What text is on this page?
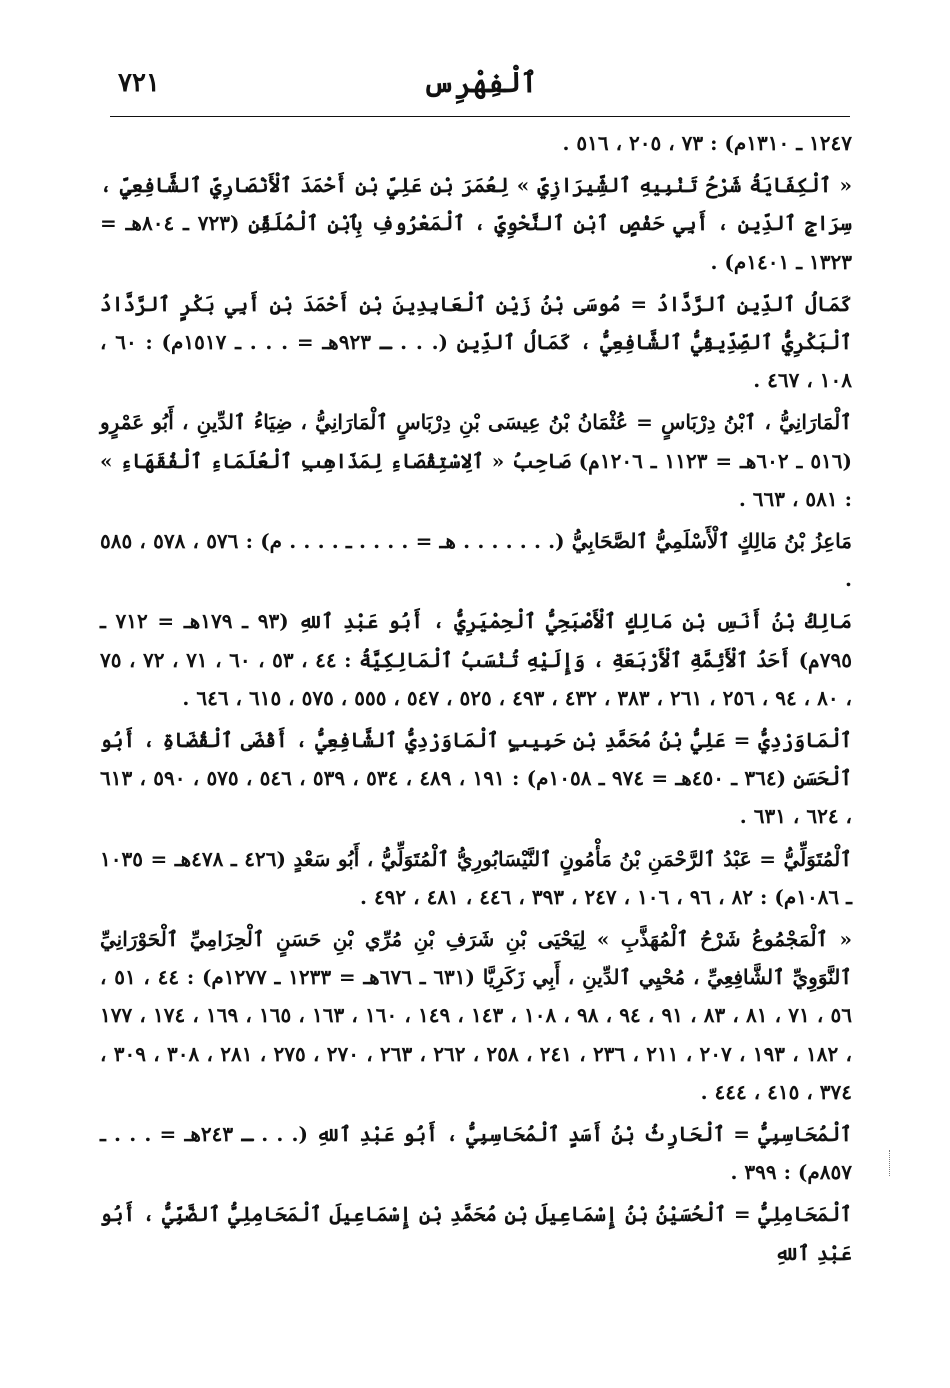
٧٢١	ٱلْفِهْرِس

١٢٤٧ ـ ١٣١٠م) : ٧٣ ، ٢٠٥ ، ٥١٦ .

« ٱلْكِفَايَةُ شَرْحُ تَنْبِيهِ ٱلشِّيرَازِيِّ » لِعُمَرَ بْنِ عَلِيِّ بْنِ أَحْمَدَ ٱلْأَنْصَارِيِّ ٱلشَّافِعِيِّ ، سِرَاجِ ٱلدِّينِ ، أَبِي حَفْصٍ ٱبْنِ ٱلنَّحْوِيِّ ، ٱلْمَعْرُوفِ بِٱبْنِ ٱلْمُلَقِّنِ (٧٢٣ ـ ٨٠٤هـ = ١٣٢٣ ـ ١٤٠١م) .

كَمَالُ ٱلدِّينِ ٱلرَّدَّادُ = مُوسَى بْنُ زَيْنِ ٱلْعَابِدِينَ بْنِ أَحْمَدَ بْنِ أَبِي بَكْرٍ ٱلرَّدَّادُ ٱلْبَكْرِيُّ ٱلصِّدِّيقِيُّ ٱلشَّافِعِيُّ ، كَمَالُ ٱلدِّينِ (. . . ـ ٩٢٣هـ = . . . ـ ١٥١٧م) : ٦٠ ، ١٠٨ ، ٤٦٧ .

ٱلْمَارَانِيُّ ، ٱبْنُ دِرْبَاسٍ = عُثْمَانُ بْنُ عِيسَى بْنِ دِرْبَاسٍ ٱلْمَارَانِيُّ ، ضِيَاءُ ٱلدِّينِ ، أَبُو عَمْرٍو (٥١٦ ـ ٦٠٢هـ = ١١٢٣ ـ ١٢٠٦م) صَاحِبُ « ٱلِاسْتِقْصَاءِ لِمَذَاهِبِ ٱلْعُلَمَاءِ ٱلْفُقَهَاءِ » : ٥٨١ ، ٦٦٣ .

مَاعِزُ بْنُ مَالِكٍ ٱلْأَسْلَمِيُّ ٱلصَّحَابِيُّ (. . . . . . . هـ = . . . . ـ . . . . م) : ٥٧٦ ، ٥٧٨ ، ٥٨٥ .

مَالِكُ بْنُ أَنَسِ بْنِ مَالِكٍ ٱلْأَصْبَحِيُّ ٱلْحِمْيَرِيُّ ، أَبُو عَبْدِ ٱللهِ (٩٣ ـ ١٧٩هـ = ٧١٢ ـ ٧٩٥م) أَحَدُ ٱلْأَئِمَّةِ ٱلْأَرْبَعَةِ ، وَإِلَيْهِ تُنْسَبُ ٱلْمَالِكِيَّةُ : ٤٤ ، ٥٣ ، ٦٠ ، ٧١ ، ٧٢ ، ٧٥ ، ٨٠ ، ٩٤ ، ٢٥٦ ، ٢٦١ ، ٣٨٣ ، ٤٣٢ ، ٤٩٣ ، ٥٢٥ ، ٥٤٧ ، ٥٥٥ ، ٥٧٥ ، ٦١٥ ، ٦٤٦ .

ٱلْمَاوَرْدِيُّ = عَلِيُّ بْنُ مُحَمَّدِ بْنِ حَبِيبٍ ٱلْمَاوَرْدِيُّ ٱلشَّافِعِيُّ ، أَقْضَى ٱلْقُضَاةِ ، أَبُو ٱلْحَسَنِ (٣٦٤ ـ ٤٥٠هـ = ٩٧٤ ـ ١٠٥٨م) : ١٩١ ، ٤٨٩ ، ٥٣٤ ، ٥٣٩ ، ٥٤٦ ، ٥٧٥ ، ٥٩٠ ، ٦١٣ ، ٦٢٤ ، ٦٣١ .

ٱلْمُتَوَلِّيُّ = عَبْدُ ٱلرَّحْمَنِ بْنُ مَأْمُونٍ ٱلنَّيْسَابُورِيُّ ٱلْمُتَوَلِّيُّ ، أَبُو سَعْدٍ (٤٢٦ ـ ٤٧٨هـ = ١٠٣٥ ـ ١٠٨٦م) : ٨٢ ، ٩٦ ، ١٠٦ ، ٢٤٧ ، ٣٩٣ ، ٤٤٦ ، ٤٨١ ، ٤٩٢ .

« ٱلْمَجْمُوعُ شَرْحُ ٱلْمُهَذَّبِ » لِيَحْيَى بْنِ شَرَفِ بْنِ مُرِّي بْنِ حَسَنٍ ٱلْحِزَامِيِّ ٱلْحَوْرَانِيِّ ٱلنَّوَوِيِّ ٱلشَّافِعِيِّ ، مُحْيِي ٱلدِّينِ ، أَبِي زَكَرِيَّا (٦٣١ ـ ٦٧٦هـ = ١٢٣٣ ـ ١٢٧٧م) : ٤٤ ، ٥١ ، ٥٦ ، ٧١ ، ٨١ ، ٨٣ ، ٩١ ، ٩٤ ، ٩٨ ، ١٠٨ ، ١٤٣ ، ١٤٩ ، ١٦٠ ، ١٦٣ ، ١٦٥ ، ١٦٩ ، ١٧٤ ، ١٧٧ ، ١٨٢ ، ١٩٣ ، ٢٠٧ ، ٢١١ ، ٢٣٦ ، ٢٤١ ، ٢٥٨ ، ٢٦٢ ، ٢٦٣ ، ٢٧٠ ، ٢٧٥ ، ٢٨١ ، ٣٠٨ ، ٣٠٩ ، ٣٧٤ ، ٤١٥ ، ٤٤٤ .

ٱلْمُحَاسِبِيُّ = ٱلْحَارِثُ بْنُ أَسَدٍ ٱلْمُحَاسِبِيُّ ، أَبُو عَبْدِ ٱللهِ (. . . ـ ٢٤٣هـ = . . . ـ ٨٥٧م) : ٣٩٩ .

ٱلْمَحَامِلِيُّ = ٱلْحُسَيْنُ بْنُ إِسْمَاعِيلَ بْنِ مُحَمَّدِ بْنِ إِسْمَاعِيلَ ٱلْمَحَامِلِيُّ ٱلضَّبِّيُّ ، أَبُو عَبْدِ ٱللهِ
